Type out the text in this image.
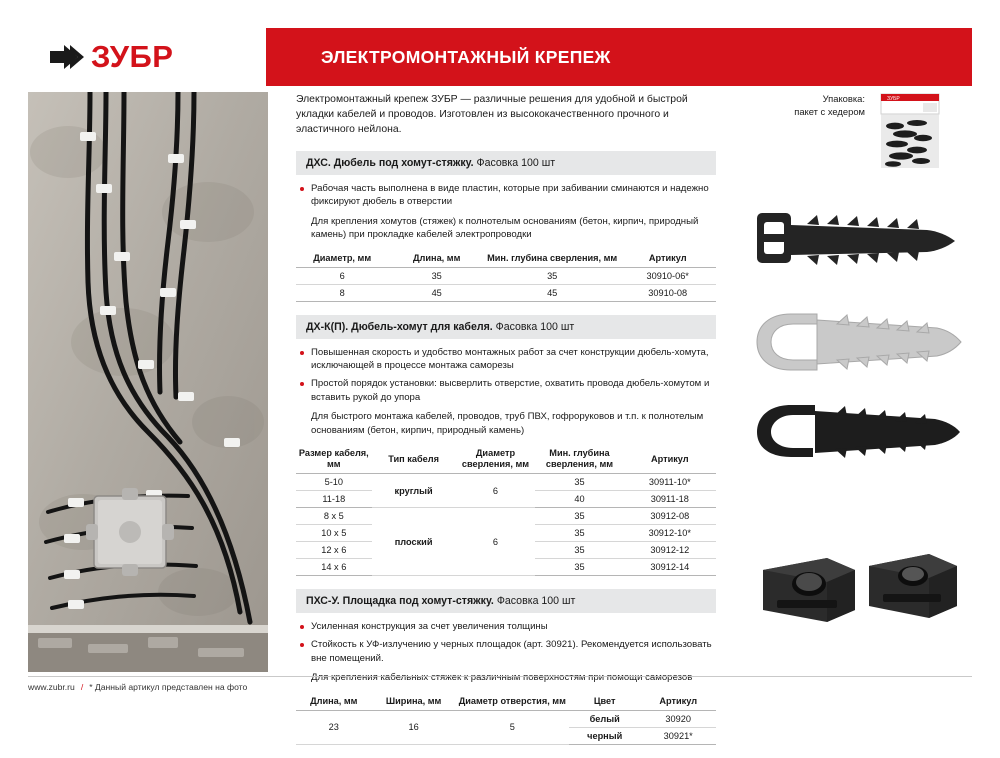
ЗУБР	ЭЛЕКТРОМОНТАЖНЫЙ КРЕПЕЖ
Электромонтажный крепеж ЗУБР — различные решения для удобной и быстрой укладки кабелей и проводов. Изготовлен из высококачественного прочного и эластичного нейлона.
ДХС. Дюбель под хомут-стяжку. Фасовка 100 шт
Рабочая часть выполнена в виде пластин, которые при забивании сминаются и надежно фиксируют дюбель в отверстии
Для крепления хомутов (стяжек) к полнотелым основаниям (бетон, кирпич, природный камень) при прокладке кабелей электропроводки
Диаметр, мм	Длина, мм	Мин. глубина сверления, мм	Артикул
6	35	35	30910-06*
8	45	45	30910-08
ДХ-К(П). Дюбель-хомут для кабеля. Фасовка 100 шт
Повышенная скорость и удобство монтажных работ за счет конструкции дюбель-хомута, исключающей в процессе монтажа саморезы
Простой порядок установки: высверлить отверстие, охватить провода дюбель-хомутом и вставить рукой до упора
Для быстрого монтажа кабелей, проводов, труб ПВХ, гофроруковов и т.п. к полнотелым основаниям (бетон, кирпич, природный камень)
Размер кабеля, мм	Тип кабеля	Диаметр сверления, мм	Мин. глубина сверления, мм	Артикул
5-10	круглый	6	35	30911-10*
11-18			40	30911-18
8 х 5	плоский	6	35	30912-08
10 х 5			35	30912-10*
12 х 6			35	30912-12
14 х 6			35	30912-14
ПХС-У. Площадка под хомут-стяжку. Фасовка 100 шт
Усиленная конструкция за счет увеличения толщины
Стойкость к УФ-излучению у черных площадок (арт. 30921). Рекомендуется использовать вне помещений.
Для крепления кабельных стяжек к различным поверхностям при помощи саморезов
Длина, мм	Ширина, мм	Диаметр отверстия, мм	Цвет	Артикул
23	16	5	белый	30920
			черный	30921*
Упаковка:
пакет с хедером
ЗУБР
www.zubr.ru / * Данный артикул представлен на фото
